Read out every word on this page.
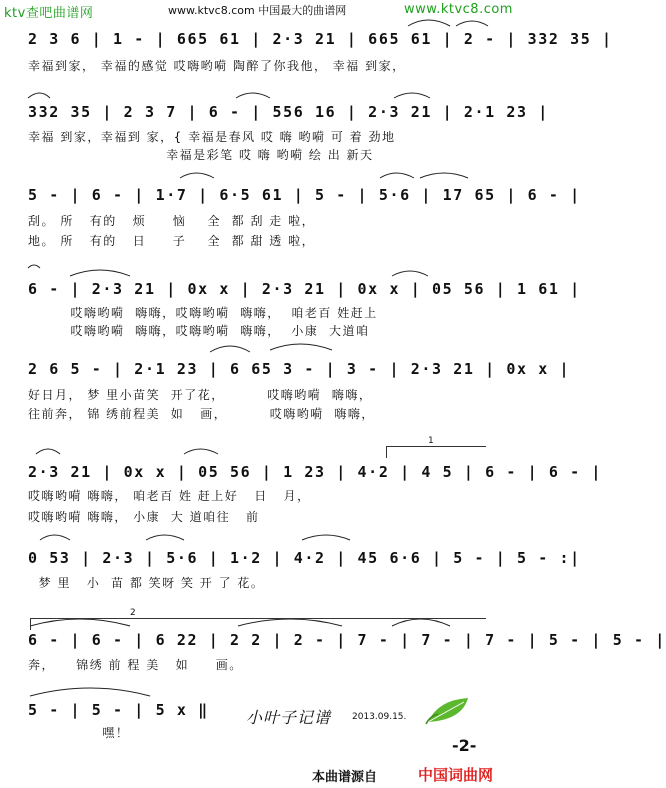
ktv查吧曲谱网	www.ktvc8.com 中国最大的曲谱网	www.ktvc8.com
2 3 6 | 1 - | 665 61 | 2·3 21 | 665 61 | 2 - | 332 35 |
幸福到家， 幸福的感觉 哎嗨哟嗬 陶醉了你我他， 幸福 到家，
332 35 | 2 3 7 | 6 - | 556 16 | 2·3 21 | 2·1 23 |
幸福 到家，幸福到 家，{ 幸福是春风 哎 嗨 哟嗬 可 着 劲地
幸福是彩笔 哎 嗨 哟嗬 绘 出 新天
5 - | 6 - | 1·7 | 6·5 61 | 5 - | 5·6 | 17 65 | 6 - |
刮。 所   有的   烦     恼    全  都 刮 走 啦，
地。 所   有的   日     子    全  都 甜 透 啦，
6 - | 2·3 21 | 0x x | 2·3 21 | 0x x | 05 56 | 1 61 |
哎嗨哟嗬  嗨嗨，哎嗨哟嗬  嗨嗨，  咱老百 姓赶上
哎嗨哟嗬  嗨嗨，哎嗨哟嗬  嗨嗨，  小康  大道咱
2 6 5 - | 2·1 23 | 6 65 3 - | 3 - | 2·3 21 | 0x x |
好日月， 梦 里小苗笑  开了花，        哎嗨哟嗬  嗨嗨，
往前奔， 锦 绣前程美  如   画，        哎嗨哟嗬  嗨嗨，
1
2·3 21 | 0x x | 05 56 | 1 23 | 4·2 | 4 5 | 6 - | 6 - |
哎嗨哟嗬 嗨嗨， 咱老百 姓 赶上好   日   月，
哎嗨哟嗬 嗨嗨， 小康  大 道咱往   前
0 53 | 2·3 | 5·6 | 1·2 | 4·2 | 45 6·6 | 5 - | 5 - :|
梦 里   小  苗 都 笑呀 笑 开 了 花。
2
6 - | 6 - | 6 22 | 2 2 | 2 - | 7 - | 7 - | 7 - | 5 - | 5 - |
奔，    锦绣 前 程 美   如     画。
5 - | 5 - | 5 x ‖
嘿！
小叶子记谱 2013.09.15.
-2-
本曲谱源自	中国词曲网
